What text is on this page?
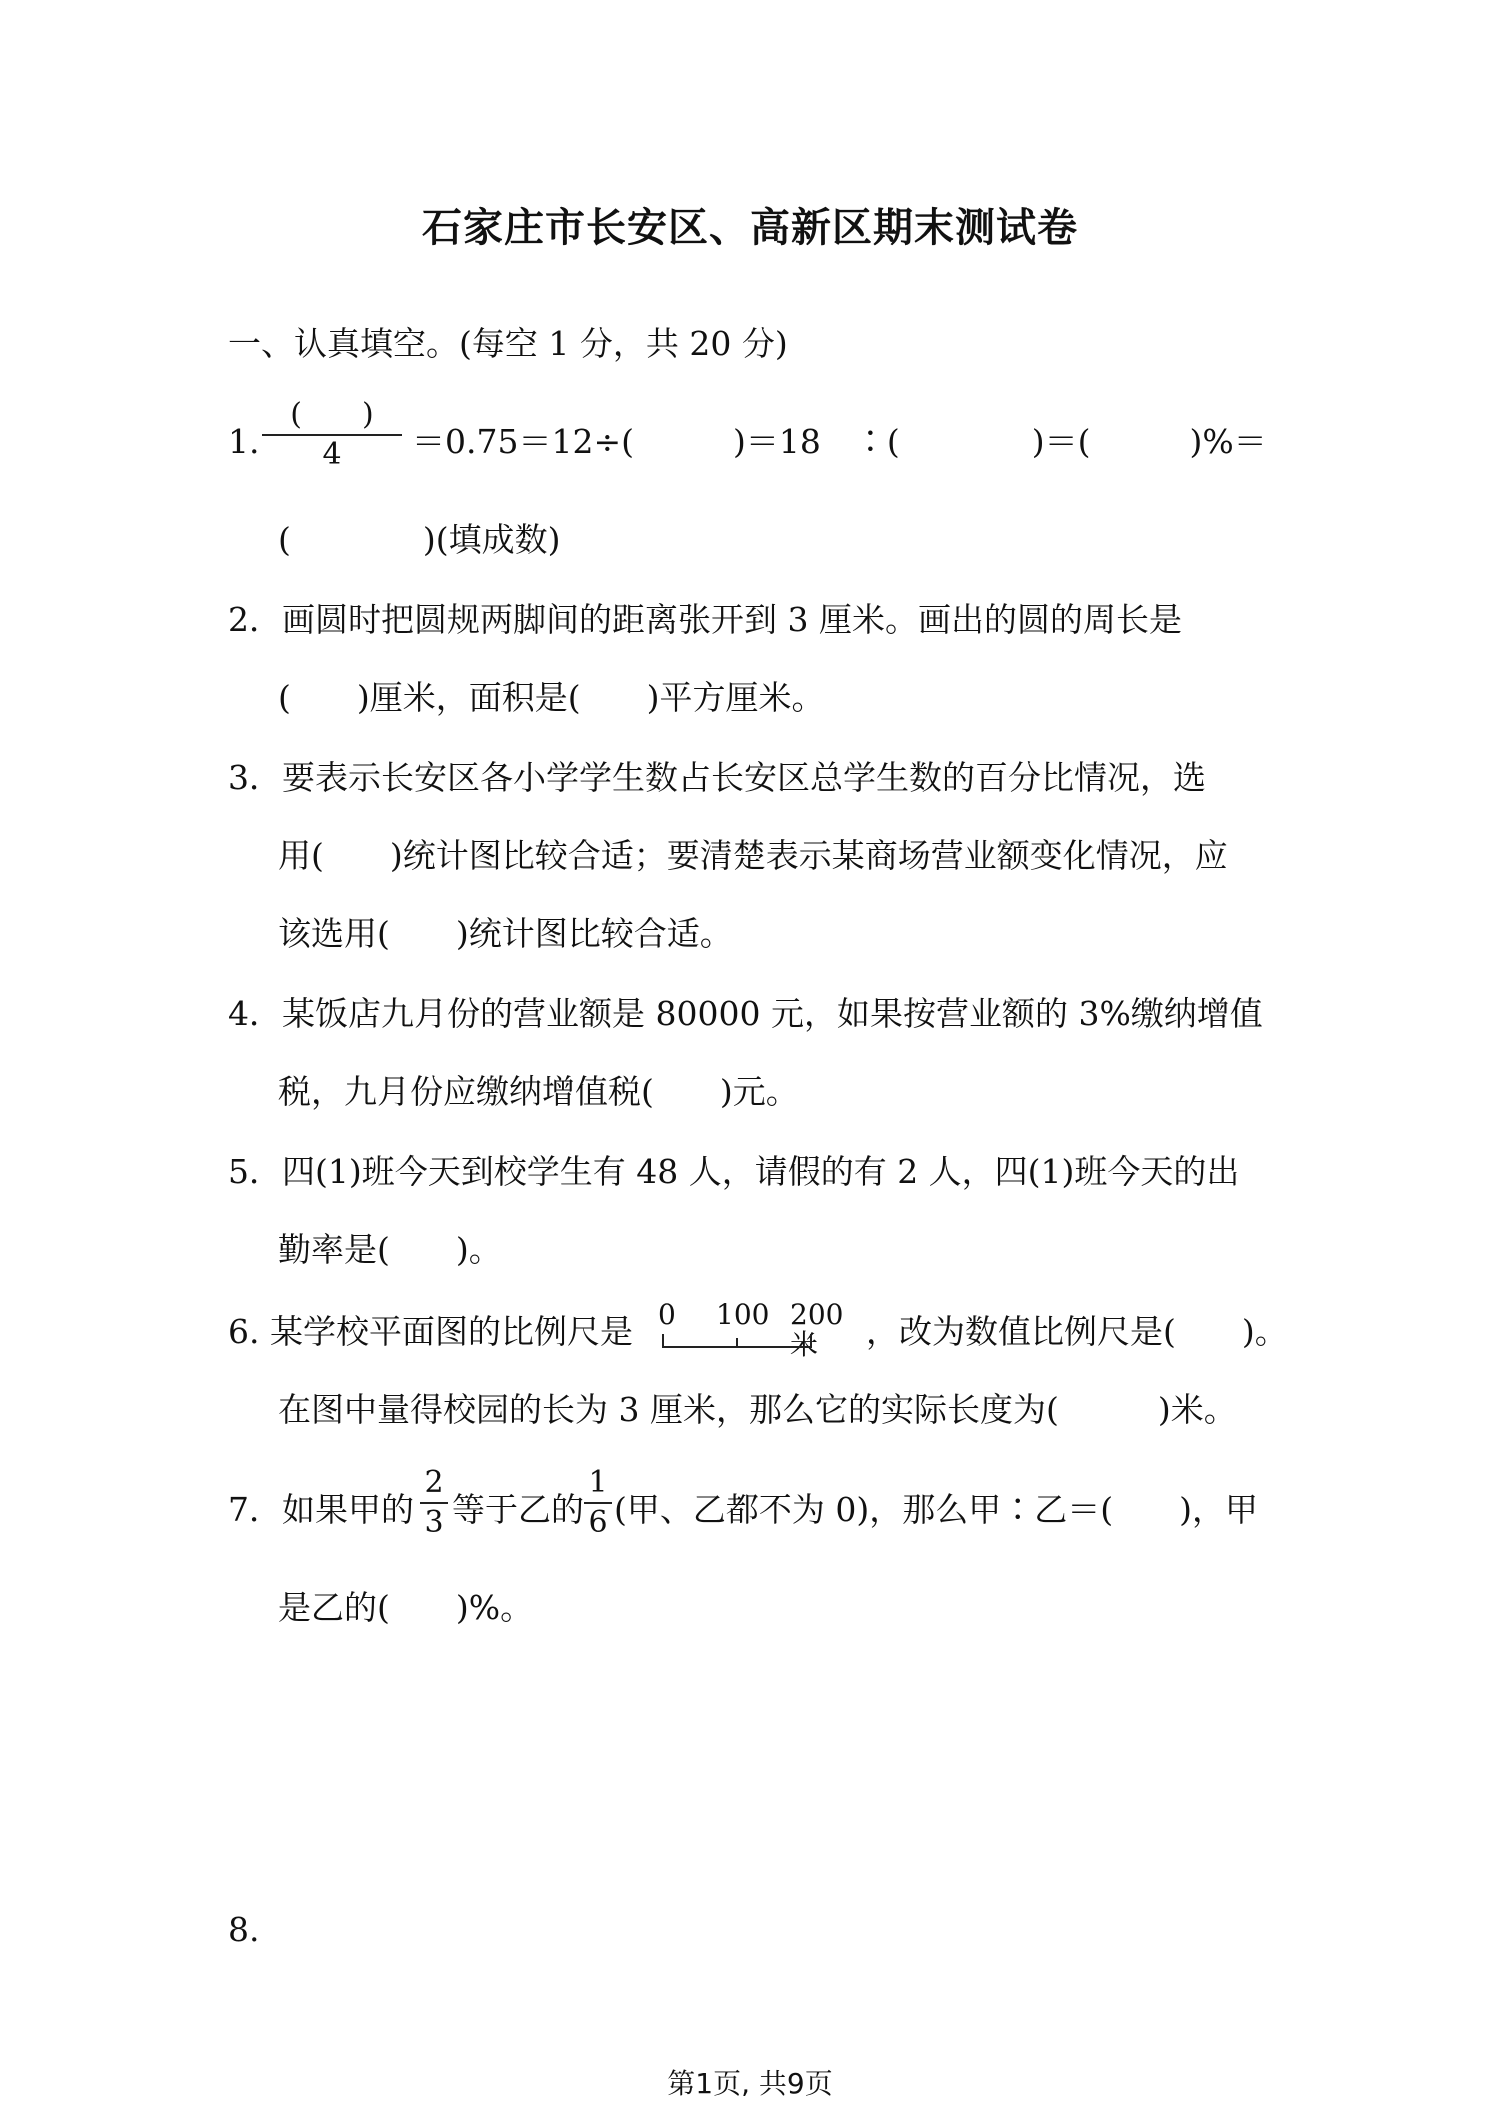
石家庄市长安区、高新区期末测试卷
一、认真填空。(每空 1 分，共 20 分)
1.
(　　)
4	＝0.75＝12÷(　　　)＝18　∶(　　　　)＝(　　　)%＝
(　　　　)(填成数)
2．画圆时把圆规两脚间的距离张开到 3 厘米。画出的圆的周长是
(　　)厘米，面积是(　　)平方厘米。
3．要表示长安区各小学学生数占长安区总学生数的百分比情况，选
用(　　)统计图比较合适；要清楚表示某商场营业额变化情况，应
该选用(　　)统计图比较合适。
4．某饭店九月份的营业额是 80000 元，如果按营业额的 3%缴纳增值
税，九月份应缴纳增值税(　　)元。
5．四(1)班今天到校学生有 48 人，请假的有 2 人，四(1)班今天的出
勤率是(　　)。
6. 某学校平面图的比例尺是 0 100 200米	，改为数值比例尺是(　　)。
在图中量得校园的长为 3 厘米，那么它的实际长度为(　　　)米。
7．如果甲的
2
3 等于乙的
1
6 (甲、乙都不为 0)，那么甲∶乙＝(　　)，甲
是乙的(　　)%。
8.
第1页, 共9页
